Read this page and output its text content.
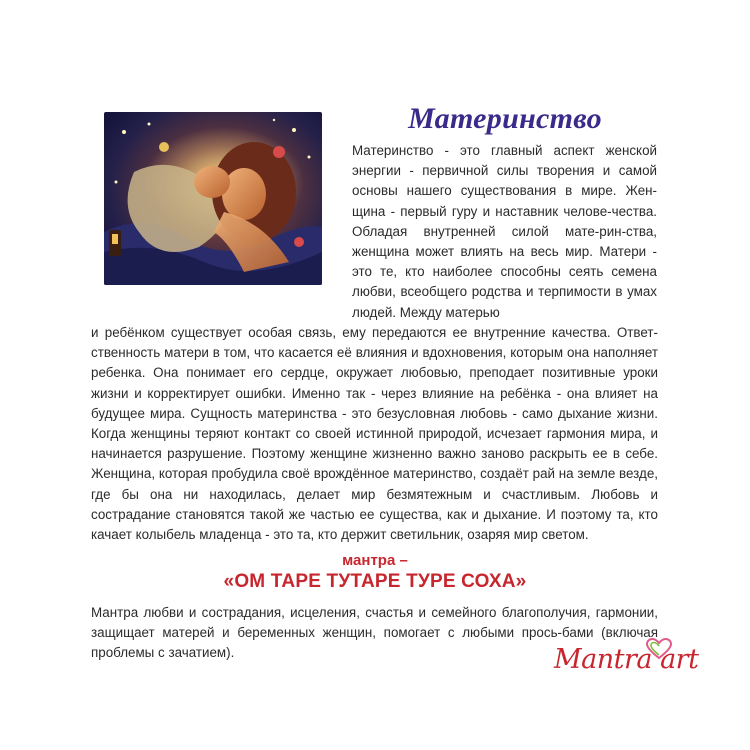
Материнство
Материнство - это главный аспект женской энергии - первичной силы творения и самой основы нашего существования в мире. Жен-щина - первый гуру и наставник челове-чества. Обладая внутренней силой мате-рин-ства, женщина может влиять на весь мир. Матери - это те, кто наиболее способны сеять семена любви, всеобщего родства и терпимости в умах людей. Между матерью
и ребёнком существует особая связь, ему передаются ее внутренние качества. Ответ-ственность матери в том, что касается её влияния и вдохновения, которым она наполняет ребенка. Она понимает его сердце, окружает любовью, преподает позитивные уроки жизни и корректирует ошибки. Именно так - через влияние на ребёнка - она влияет на будущее мира. Сущность материнства - это безусловная любовь - само дыхание жизни. Когда женщины теряют контакт со своей истинной природой, исчезает гармония мира, и начинается разрушение. Поэтому женщине жизненно важно заново раскрыть ее в себе. Женщина, которая пробудила своё врождённое материнство, создаёт рай на земле везде, где бы она ни находилась, делает мир безмятежным и счастливым. Любовь и сострадание становятся такой же частью ее существа, как и дыхание. И поэтому та, кто качает колыбель младенца - это та, кто держит светильник, озаряя мир светом.
мантра –
«ОМ ТАРЕ ТУТАРЕ ТУРЕ СОХА»
Мантра любви и сострадания, исцеления, счастья и семейного благополучия, гармонии, защищает матерей и беременных женщин, помогает с любыми прось-бами (включая проблемы с зачатием).	Mantra art
